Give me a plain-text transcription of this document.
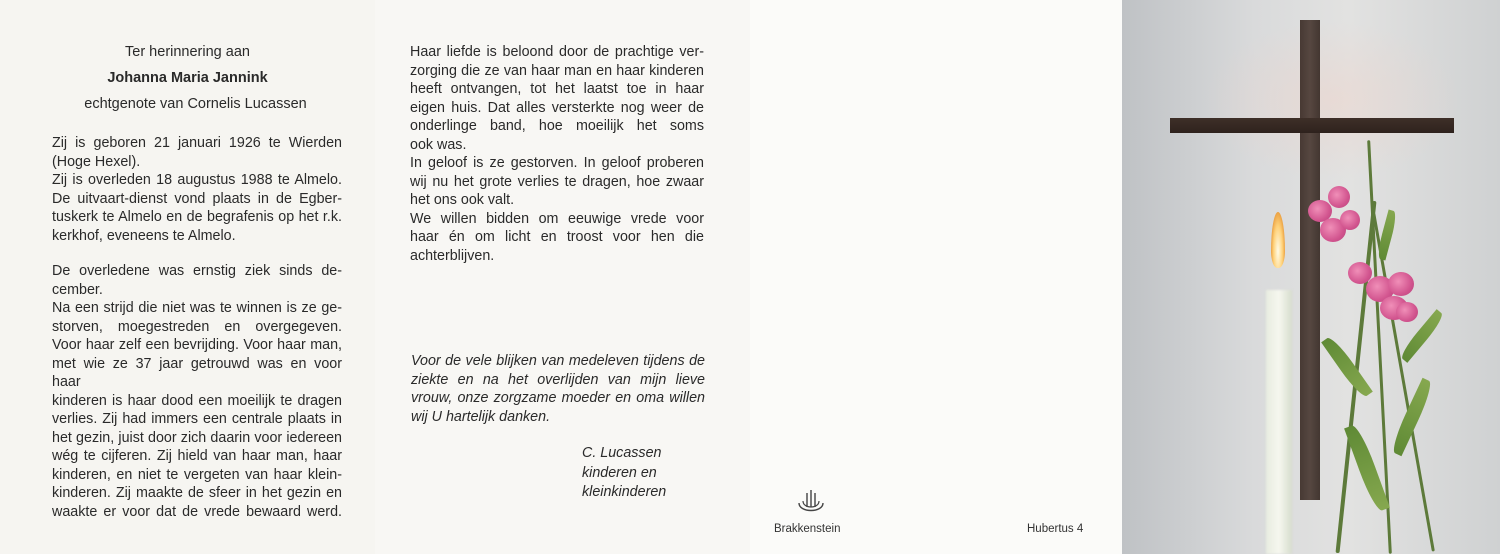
Ter herinnering aan
Johanna Maria Jannink
echtgenote van Cornelis Lucassen

Zij is geboren 21 januari 1926 te Wierden

(Hoge Hexel).

Zij is overleden 18 augustus 1988 te Almelo.

De uitvaart-dienst vond plaats in de Egber-

tuskerk te Almelo en de begrafenis op het r.k.

kerkhof, eveneens te Almelo.

De overledene was ernstig ziek sinds de-

cember.

Na een strijd die niet was te winnen is ze ge-

storven, moegestreden en overgegeven.

Voor haar zelf een bevrijding. Voor haar man,

met wie ze 37 jaar getrouwd was en voor haar

kinderen is haar dood een moeilijk te dragen

verlies. Zij had immers een centrale plaats in

het gezin, juist door zich daarin voor iedereen

wég te cijferen. Zij hield van haar man, haar

kinderen, en niet te vergeten van haar klein-

kinderen. Zij maakte de sfeer in het gezin en

waakte er voor dat de vrede bewaard werd.

Haar liefde is beloond door de prachtige ver-

zorging die ze van haar man en haar kinderen

heeft ontvangen, tot het laatst toe in haar

eigen huis. Dat alles versterkte nog weer de

onderlinge band, hoe moeilijk het soms

ook was.

In geloof is ze gestorven. In geloof proberen

wij nu het grote verlies te dragen, hoe zwaar

het ons ook valt.

We willen bidden om eeuwige vrede voor

haar én om licht en troost voor hen die

achterblijven.

Voor de vele blijken van medeleven tijdens de

ziekte en na het overlijden van mijn lieve

vrouw, onze zorgzame moeder en oma willen

wij U hartelijk danken.

C. Lucassen
kinderen en
kleinkinderen
Brakkenstein	Hubertus 4
